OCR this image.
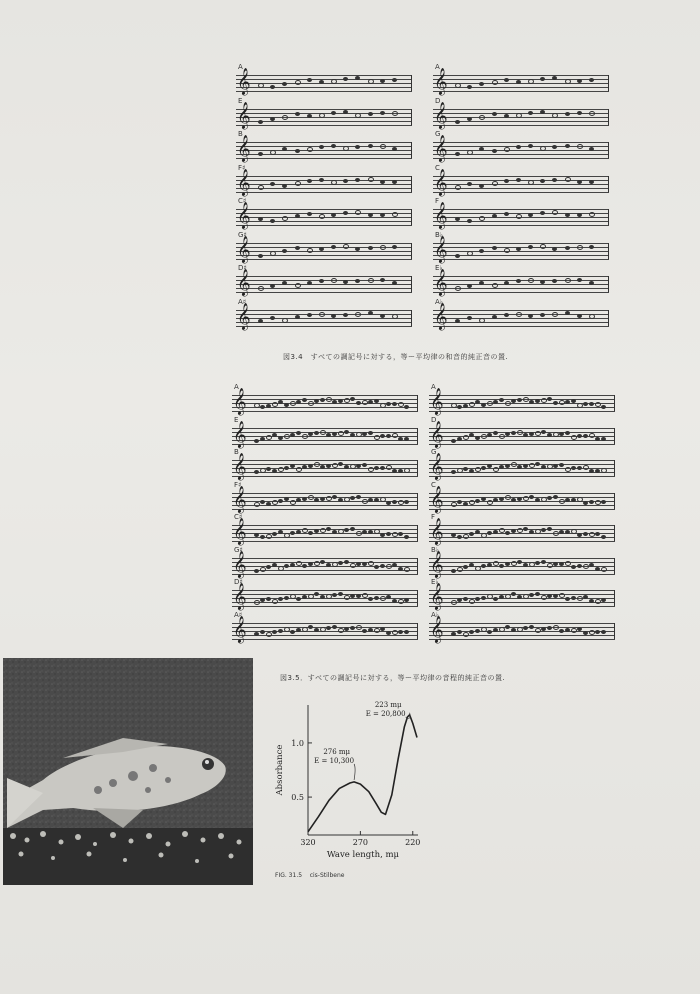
𝄞
A
𝄞
E
𝄞
B
𝄞
F♯
𝄞
C♯
𝄞
G♯
𝄞
D♯
𝄞
A♯
𝄞
A
𝄞
D
𝄞
G
𝄞
C
𝄞
F
𝄞
B♭
𝄞
E♭
𝄞
A♭
図3.4　すべての調記号に対する，等ー平均律の和音的純正音の置.
𝄞
A
𝄞
E
𝄞
B
𝄞
F♯
𝄞
C♯
𝄞
G♯
𝄞
D♯
𝄞
A♯
𝄞
A
𝄞
D
𝄞
G
𝄞
C
𝄞
F
𝄞
B♭
𝄞
E♭
𝄞
A♭
図3.5．すべての調記号に対する，等ー平均律の音程的純正音の置.
0.5
1.0
320	270	220
Wave length, mμ
Absorbance
223 mμ
E = 20,800
276 mμ
E = 10,300
FIG. 31.5 cis-Stilbene
